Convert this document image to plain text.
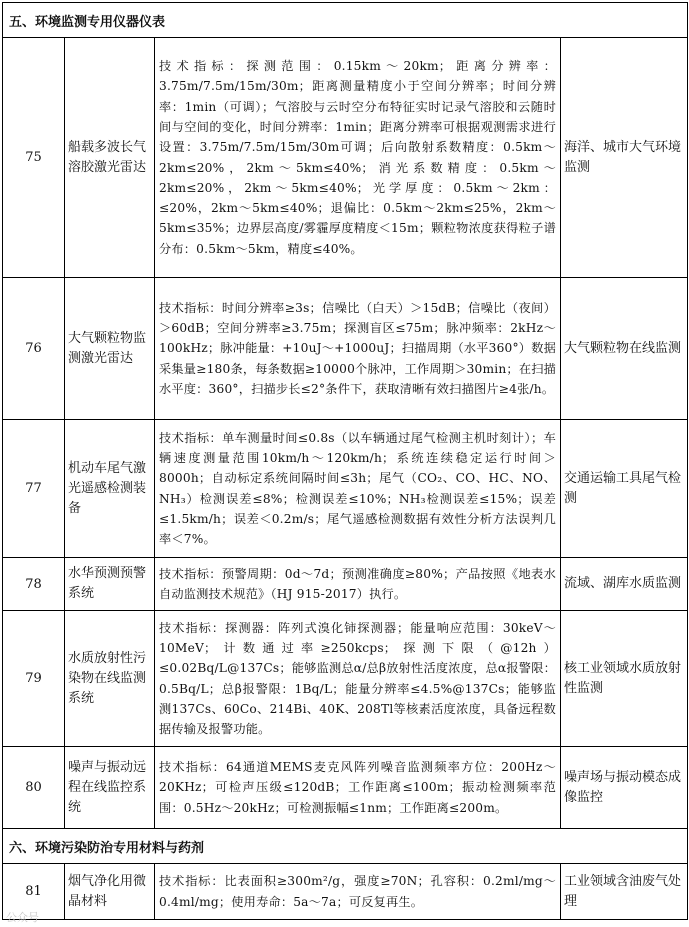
五、环境监测专用仪器仪表			
75	船载多波长气溶胶激光雷达	技术指标：探测范围：0.15km～20km；距离分辨率：3.75m/7.5m/15m/30m；距离测量精度小于空间分辨率；时间分辨率：1min（可调）；气溶胶与云时空分布特征实时记录气溶胶和云随时间与空间的变化，时间分辨率：1min；距离分辨率可根据观测需求进行设置：3.75m/7.5m/15m/30m可调；后向散射系数精度：0.5km～2km≤20%，2km～5km≤40%；消光系数精度：0.5km～2km≤20%，2km～5km≤40%；光学厚度：0.5km～2km：≤20%，2km～5km≤40%；退偏比：0.5km～2km≤25%，2km～5km≤35%；边界层高度/雾霾厚度精度＜15m；颗粒物浓度获得粒子谱分布：0.5km～5km，精度≤40%。	海洋、城市大气环境监测
76	大气颗粒物监测激光雷达	技术指标：时间分辨率≥3s；信噪比（白天）＞15dB；信噪比（夜间）＞60dB；空间分辨率≥3.75m；探测盲区≤75m；脉冲频率：2kHz～100kHz；脉冲能量：+10uJ～+1000uJ；扫描周期（水平360°）数据采集量≥180条，每条数据≥10000个脉冲，工作周期＞30min；在扫描水平度：360°，扫描步长≤2°条件下，获取清晰有效扫描图片≥4张/h。	大气颗粒物在线监测
77	机动车尾气激光遥感检测装备	技术指标：单车测量时间≤0.8s（以车辆通过尾气检测主机时刻计）；车辆速度测量范围10km/h～120km/h；系统连续稳定运行时间＞8000h；自动标定系统间隔时间≤3h；尾气（CO₂、CO、HC、NO、NH₃）检测误差≤8%；检测误差≤10%；NH₃检测误差≤15%；误差≤1.5km/h；误差＜0.2m/s；尾气遥感检测数据有效性分析方法误判几率＜7%。	交通运输工具尾气检测
78	水华预测预警系统	技术指标：预警周期：0d～7d；预测准确度≥80%；产品按照《地表水自动监测技术规范》（HJ 915-2017）执行。	流域、湖库水质监测
79	水质放射性污染物在线监测系统	技术指标：探测器：阵列式溴化铈探测器；能量响应范围：30keV～10MeV；计数通过率≥250kcps；探测下限（@12h）≤0.02Bq/L@137Cs；能够监测总α/总β放射性活度浓度，总α报警限：0.5Bq/L；总β报警限：1Bq/L；能量分辨率≤4.5%@137Cs；能够监测137Cs、60Co、214Bi、40K、208Tl等核素活度浓度，具备远程数据传输及报警功能。	核工业领域水质放射性监测
80	噪声与振动远程在线监控系统	技术指标：64通道MEMS麦克风阵列噪音监测频率方位：200Hz～20KHz；可检声压级≤120dB；工作距离≤100m；振动检测频率范围：0.5Hz～20kHz；可检测振幅≤1nm；工作距离≤200m。	噪声场与振动模态成像监控
六、环境污染防治专用材料与药剂			
81	烟气净化用微晶材料	技术指标：比表面积≥300m²/g，强度≥70N；孔容积：0.2ml/mg～0.4ml/mg；使用寿命：5a～7a；可反复再生。	工业领域含油废气处理
公众号
